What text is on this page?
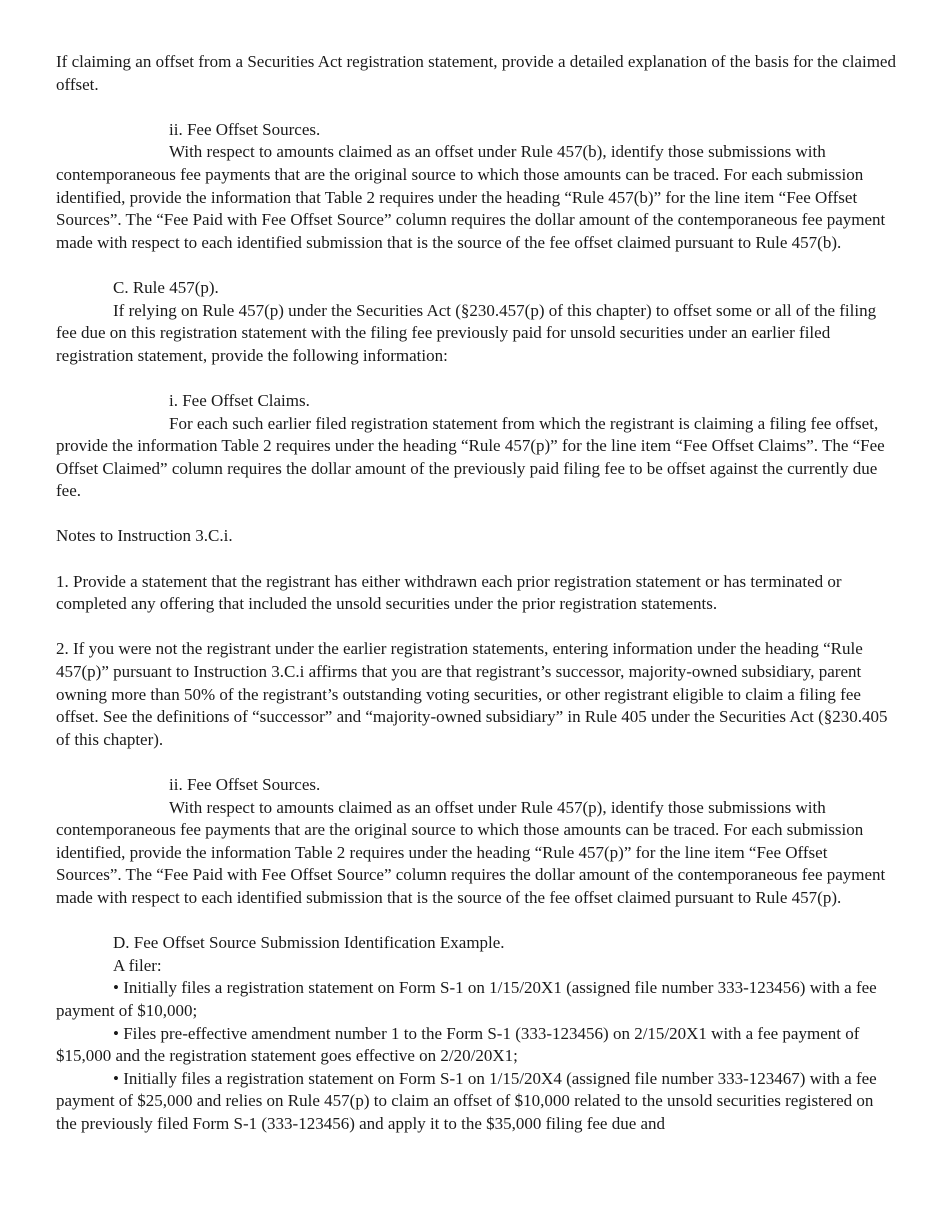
If claiming an offset from a Securities Act registration statement, provide a detailed explanation of the basis for the claimed offset.

ii. Fee Offset Sources.

With respect to amounts claimed as an offset under Rule 457(b), identify those submissions with contemporaneous fee payments that are the original source to which those amounts can be traced. For each submission identified, provide the information that Table 2 requires under the heading “Rule 457(b)” for the line item “Fee Offset Sources”. The “Fee Paid with Fee Offset Source” column requires the dollar amount of the contemporaneous fee payment made with respect to each identified submission that is the source of the fee offset claimed pursuant to Rule 457(b).

C. Rule 457(p).

If relying on Rule 457(p) under the Securities Act (§230.457(p) of this chapter) to offset some or all of the filing fee due on this registration statement with the filing fee previously paid for unsold securities under an earlier filed registration statement, provide the following information:

i. Fee Offset Claims.

For each such earlier filed registration statement from which the registrant is claiming a filing fee offset, provide the information Table 2 requires under the heading “Rule 457(p)” for the line item “Fee Offset Claims”. The “Fee Offset Claimed” column requires the dollar amount of the previously paid filing fee to be offset against the currently due fee.

Notes to Instruction 3.C.i.

1. Provide a statement that the registrant has either withdrawn each prior registration statement or has terminated or completed any offering that included the unsold securities under the prior registration statements.

2. If you were not the registrant under the earlier registration statements, entering information under the heading “Rule 457(p)” pursuant to Instruction 3.C.i affirms that you are that registrant’s successor, majority-owned subsidiary, parent owning more than 50% of the registrant’s outstanding voting securities, or other registrant eligible to claim a filing fee offset. See the definitions of “successor” and “majority-owned subsidiary” in Rule 405 under the Securities Act (§230.405 of this chapter).

ii. Fee Offset Sources.

With respect to amounts claimed as an offset under Rule 457(p), identify those submissions with contemporaneous fee payments that are the original source to which those amounts can be traced. For each submission identified, provide the information Table 2 requires under the heading “Rule 457(p)” for the line item “Fee Offset Sources”. The “Fee Paid with Fee Offset Source” column requires the dollar amount of the contemporaneous fee payment made with respect to each identified submission that is the source of the fee offset claimed pursuant to Rule 457(p).

D. Fee Offset Source Submission Identification Example.

A filer:

• Initially files a registration statement on Form S-1 on 1/15/20X1 (assigned file number 333-123456) with a fee payment of $10,000;

• Files pre-effective amendment number 1 to the Form S-1 (333-123456) on 2/15/20X1 with a fee payment of $15,000 and the registration statement goes effective on 2/20/20X1;

• Initially files a registration statement on Form S-1 on 1/15/20X4 (assigned file number 333-123467) with a fee payment of $25,000 and relies on Rule 457(p) to claim an offset of $10,000 related to the unsold securities registered on the previously filed Form S-1 (333-123456) and apply it to the $35,000 filing fee due and
